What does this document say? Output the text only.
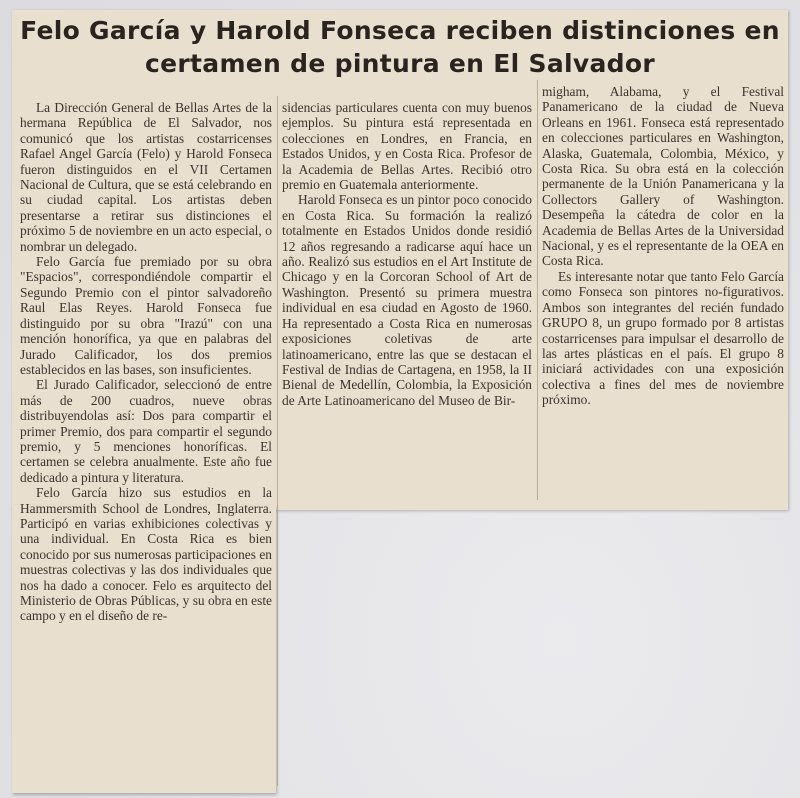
Felo García y Harold Fonseca reciben distinciones en certamen de pintura en El Salvador

La Dirección General de Bellas Artes de la hermana República de El Salvador, nos comunicó que los artistas costarricenses Rafael Angel García (Felo) y Harold Fonseca fueron distinguidos en el VII Certamen Nacional de Cultura, que se está celebrando en su ciudad capital. Los artistas deben presentarse a retirar sus distinciones el próximo 5 de noviembre en un acto especial, o nombrar un delegado.

Felo García fue premiado por su obra "Espacios", correspondiéndole compartir el Segundo Premio con el pintor salvadoreño Raul Elas Reyes. Harold Fonseca fue distinguido por su obra "Irazú" con una mención honorífica, ya que en palabras del Jurado Calificador, los dos premios establecidos en las bases, son insuficientes.

El Jurado Calificador, seleccionó de entre más de 200 cuadros, nueve obras distribuyendolas así: Dos para compartir el primer Premio, dos para compartir el segundo premio, y 5 menciones honoríficas. El certamen se celebra anualmente. Este año fue dedicado a pintura y literatura.

Felo García hizo sus estudios en la Hammersmith School de Londres, Inglaterra. Participó en varias exhibiciones colectivas y una individual. En Costa Rica es bien conocido por sus numerosas participaciones en muestras colectivas y las dos individuales que nos ha dado a conocer. Felo es arquitecto del Ministerio de Obras Públicas, y su obra en este campo y en el diseño de re-

sidencias particulares cuenta con muy buenos ejemplos. Su pintura está representada en colecciones en Londres, en Francia, en Estados Unidos, y en Costa Rica. Profesor de la Academia de Bellas Artes. Recibió otro premio en Guatemala anteriormente.

Harold Fonseca es un pintor poco conocido en Costa Rica. Su formación la realizó totalmente en Estados Unidos donde residió 12 años regresando a radicarse aquí hace un año. Realizó sus estudios en el Art Institute de Chicago y en la Corcoran School of Art de Washington. Presentó su primera muestra individual en esa ciudad en Agosto de 1960. Ha representado a Costa Rica en numerosas exposiciones coletivas de arte latinoamericano, entre las que se destacan el Festival de Indias de Cartagena, en 1958, la II Bienal de Medellín, Colombia, la Exposición de Arte Latinoamericano del Museo de Bir-

migham, Alabama, y el Festival Panamericano de la ciudad de Nueva Orleans en 1961. Fonseca está representado en colecciones particulares en Washington, Alaska, Guatemala, Colombia, México, y Costa Rica. Su obra está en la colección permanente de la Unión Panamericana y la Collectors Gallery of Washington. Desempeña la cátedra de color en la Academia de Bellas Artes de la Universidad Nacional, y es el representante de la OEA en Costa Rica.

Es interesante notar que tanto Felo García como Fonseca son pintores no-figurativos. Ambos son integrantes del recién fundado GRUPO 8, un grupo formado por 8 artistas costarricenses para impulsar el desarrollo de las artes plásticas en el país. El grupo 8 iniciará actividades con una exposición colectiva a fines del mes de noviembre próximo.
